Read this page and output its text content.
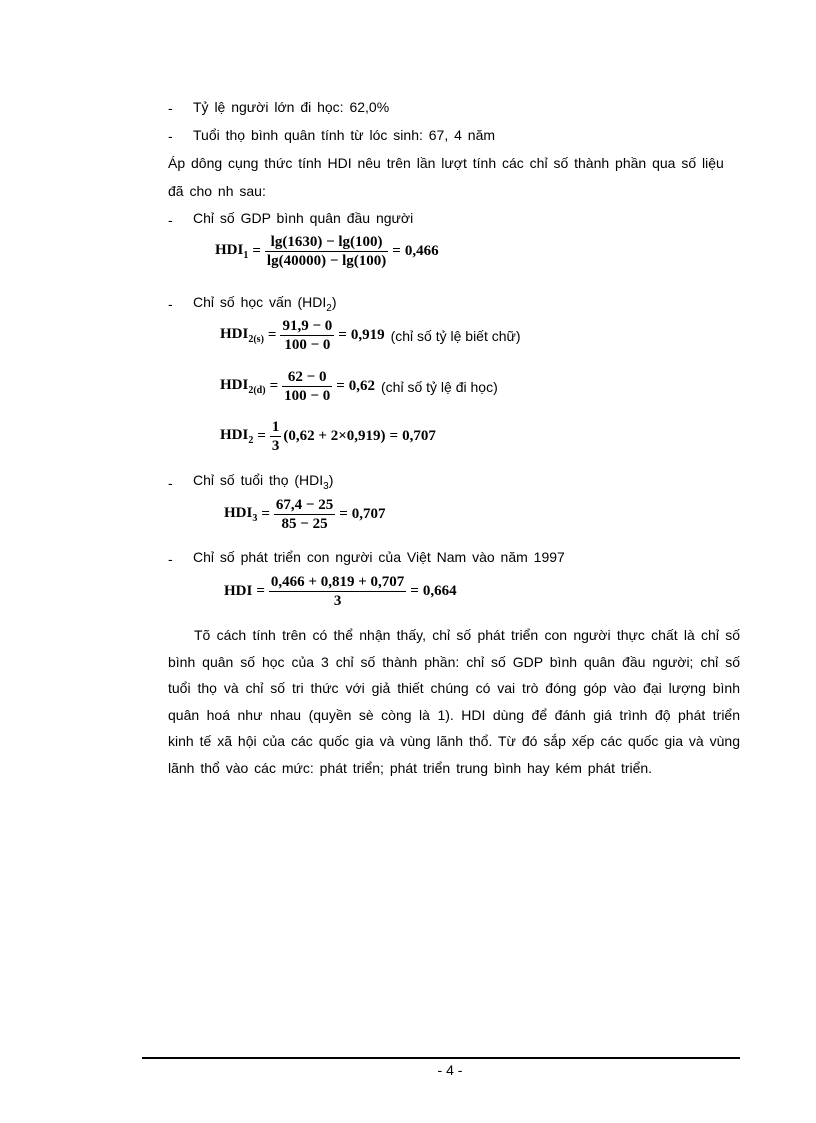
- Tỷ lệ người lớn đi học: 62,0%
- Tuổi thọ bình quân tính từ lóc sinh: 67, 4 năm
Áp dông cụng thức tính HDI nêu trên lần lượt tính các chỉ số thành phần qua số liệu
đã cho nh sau:
- Chỉ số GDP bình quân đầu người
$HDI_1 = \frac{\lg(1630) - \lg(100)}{\lg(40000) - \lg(100)} = 0,466$
- Chỉ số học vấn $(HDI_2)$
$HDI_{2(s)} = \frac{91,9 - 0}{100 - 0} = 0,919$ (chỉ số tỷ lệ biết chữ)
$HDI_{2(d)} = \frac{62 - 0}{100 - 0} = 0,62$ (chỉ số tỷ lệ đi học)
$HDI_2 = \frac{1}{3} (0,62 + 2\times 0,919) = 0,707$
- Chỉ số tuổi thọ $(HDI_3)$
$HDI_3 = \frac{67,4 - 25}{85 - 25} = 0,707$
- Chỉ số phát triển con người của Việt Nam vào năm 1997
HDI = $\frac{0,466 + 0,819 + 0,707}{3} = 0,664$
Tõ cách tính trên có thể nhận thấy, chỉ số phát triển con người thực chất là chỉ số bình quân số học của 3 chỉ số thành phần: chỉ số GDP bình quân đầu người; chỉ số tuổi thọ và chỉ số tri thức với giả thiết chúng có vai trò đóng góp vào đại lượng bình quân hoá như nhau (quyền sè còng là 1). HDI dùng để đánh giá trình độ phát triển kinh tế xã hội của các quốc gia và vùng lãnh thổ. Từ đó sắp xếp các quốc gia và vùng lãnh thổ vào các mức: phát triển; phát triển trung bình hay kém phát triển.
- 4 -
